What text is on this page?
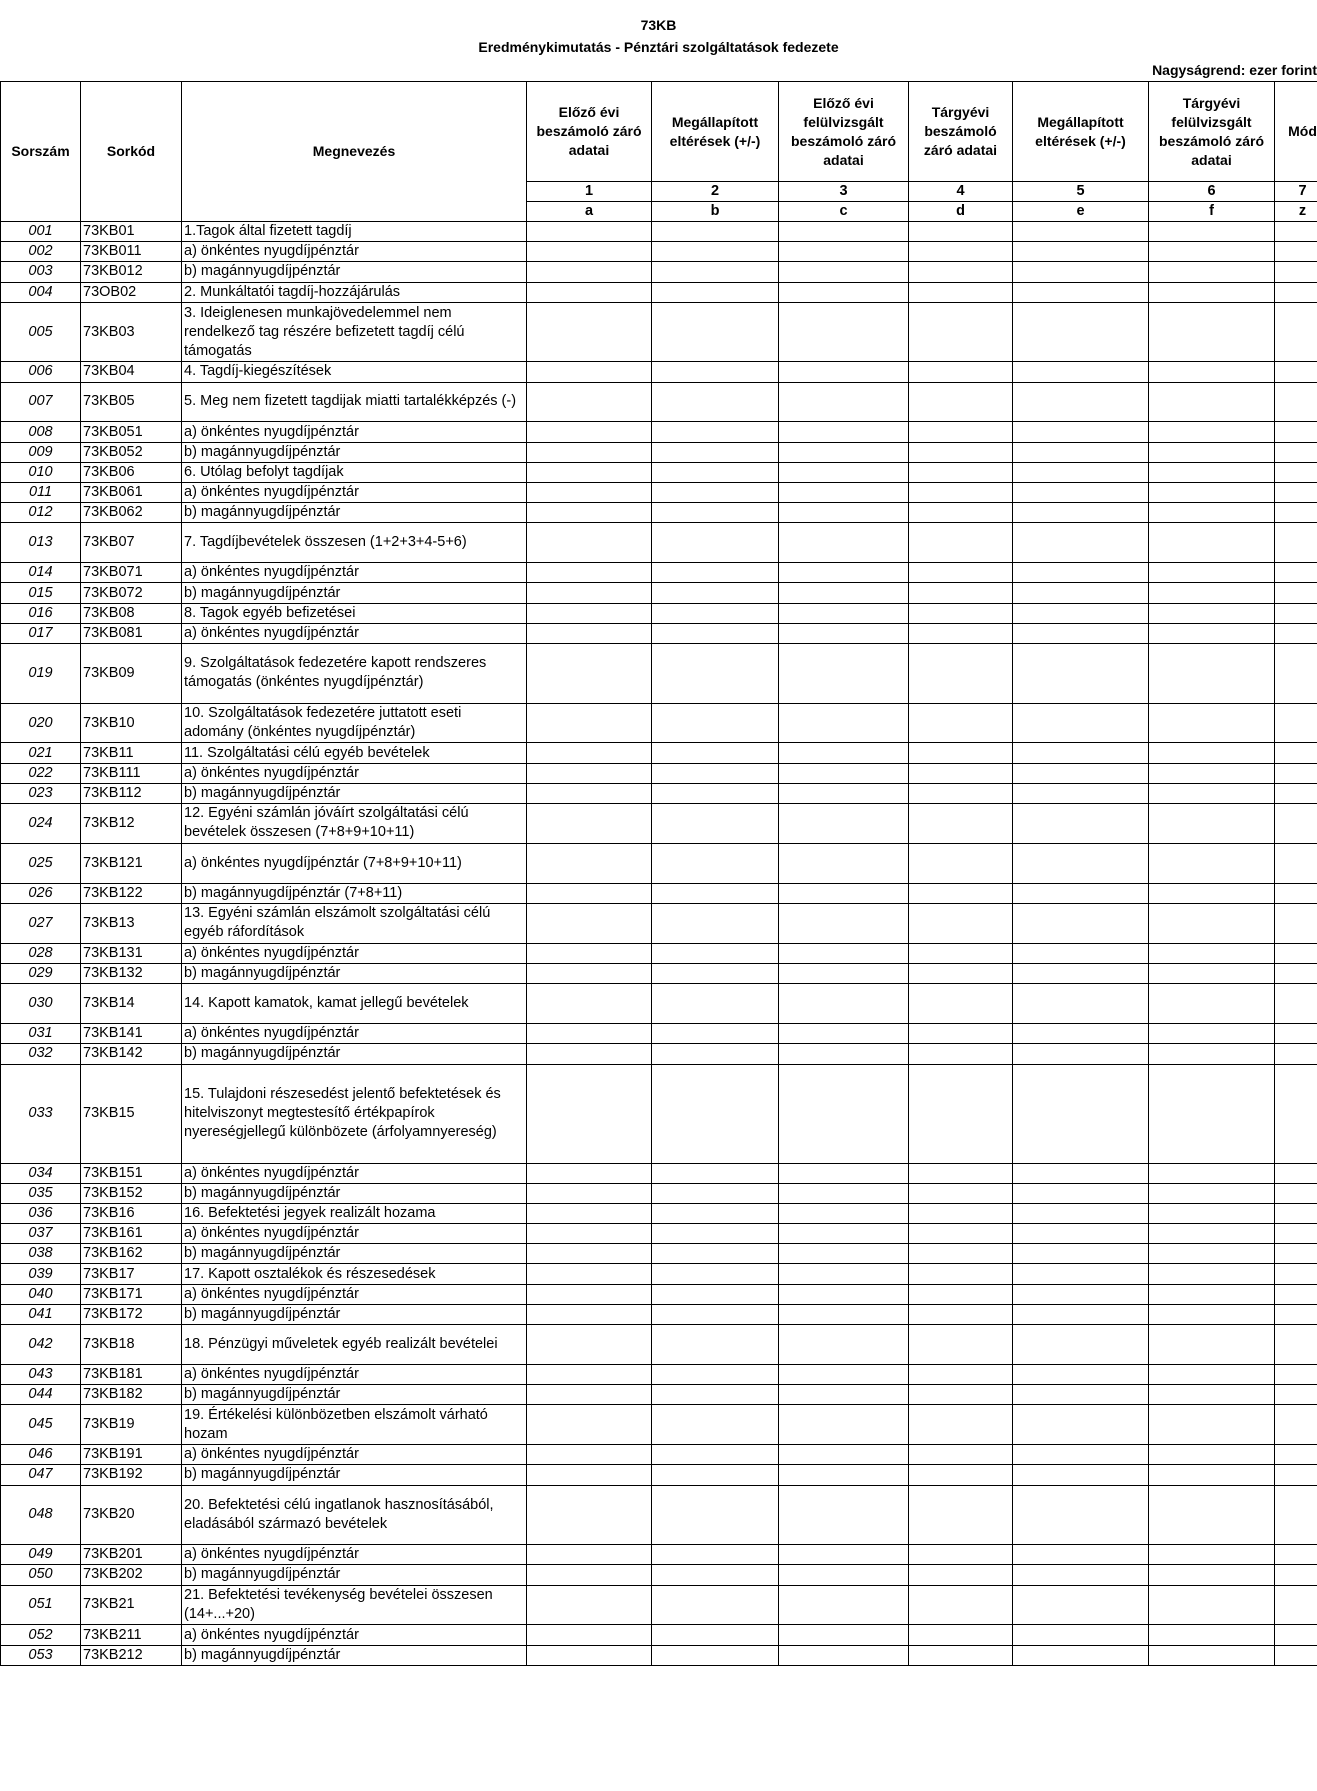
73KB
Eredménykimutatás - Pénztári szolgáltatások fedezete
Nagyságrend: ezer forint
Sorszám	Sorkód	Megnevezés	Előző évi beszámoló záró adatai	Megállapított eltérések (+/-)	Előző évi felülvizsgált beszámoló záró adatai	Tárgyévi beszámoló záró adatai	Megállapított eltérések (+/-)	Tárgyévi felülvizsgált beszámoló záró adatai	Mód
			1	2	3	4	5	6	7
			a	b	c	d	e	f	z
001	73KB01	1.Tagok által fizetett tagdíj							
002	73KB011	a) önkéntes nyugdíjpénztár							
003	73KB012	b) magánnyugdíjpénztár							
004	73OB02	2. Munkáltatói tagdíj-hozzájárulás							
005	73KB03	3. Ideiglenesen munkajövedelemmel nem rendelkező tag részére befizetett tagdíj célú támogatás							
006	73KB04	4. Tagdíj-kiegészítések							
007	73KB05	5. Meg nem fizetett tagdijak miatti tartalékképzés (-)							
008	73KB051	a) önkéntes nyugdíjpénztár							
009	73KB052	b) magánnyugdíjpénztár							
010	73KB06	6. Utólag befolyt tagdíjak							
011	73KB061	a) önkéntes nyugdíjpénztár							
012	73KB062	b) magánnyugdíjpénztár							
013	73KB07	7. Tagdíjbevételek összesen (1+2+3+4-5+6)							
014	73KB071	a) önkéntes nyugdíjpénztár							
015	73KB072	b) magánnyugdíjpénztár							
016	73KB08	8. Tagok egyéb befizetései							
017	73KB081	a) önkéntes nyugdíjpénztár							
019	73KB09	9. Szolgáltatások fedezetére kapott rendszeres támogatás (önkéntes nyugdíjpénztár)							
020	73KB10	10. Szolgáltatások fedezetére juttatott eseti adomány (önkéntes nyugdíjpénztár)							
021	73KB11	11. Szolgáltatási célú egyéb bevételek							
022	73KB111	a) önkéntes nyugdíjpénztár							
023	73KB112	b) magánnyugdíjpénztár							
024	73KB12	12. Egyéni számlán jóváírt szolgáltatási célú bevételek összesen (7+8+9+10+11)							
025	73KB121	a) önkéntes nyugdíjpénztár (7+8+9+10+11)							
026	73KB122	b) magánnyugdíjpénztár (7+8+11)							
027	73KB13	13. Egyéni számlán elszámolt szolgáltatási célú egyéb ráfordítások							
028	73KB131	a) önkéntes nyugdíjpénztár							
029	73KB132	b) magánnyugdíjpénztár							
030	73KB14	14. Kapott kamatok, kamat jellegű bevételek							
031	73KB141	a) önkéntes nyugdíjpénztár							
032	73KB142	b) magánnyugdíjpénztár							
033	73KB15	15. Tulajdoni részesedést jelentő befektetések és hitelviszonyt megtestesítő értékpapírok nyereségjellegű különbözete (árfolyamnyereség)							
034	73KB151	a) önkéntes nyugdíjpénztár							
035	73KB152	b) magánnyugdíjpénztár							
036	73KB16	16. Befektetési jegyek realizált hozama							
037	73KB161	a) önkéntes nyugdíjpénztár							
038	73KB162	b) magánnyugdíjpénztár							
039	73KB17	17. Kapott osztalékok és részesedések							
040	73KB171	a) önkéntes nyugdíjpénztár							
041	73KB172	b) magánnyugdíjpénztár							
042	73KB18	18. Pénzügyi műveletek egyéb realizált bevételei							
043	73KB181	a) önkéntes nyugdíjpénztár							
044	73KB182	b) magánnyugdíjpénztár							
045	73KB19	19. Értékelési különbözetben elszámolt várható hozam							
046	73KB191	a) önkéntes nyugdíjpénztár							
047	73KB192	b) magánnyugdíjpénztár							
048	73KB20	20. Befektetési célú ingatlanok hasznosításából, eladásából származó bevételek							
049	73KB201	a) önkéntes nyugdíjpénztár							
050	73KB202	b) magánnyugdíjpénztár							
051	73KB21	21. Befektetési tevékenység bevételei összesen (14+...+20)							
052	73KB211	a) önkéntes nyugdíjpénztár							
053	73KB212	b) magánnyugdíjpénztár							
